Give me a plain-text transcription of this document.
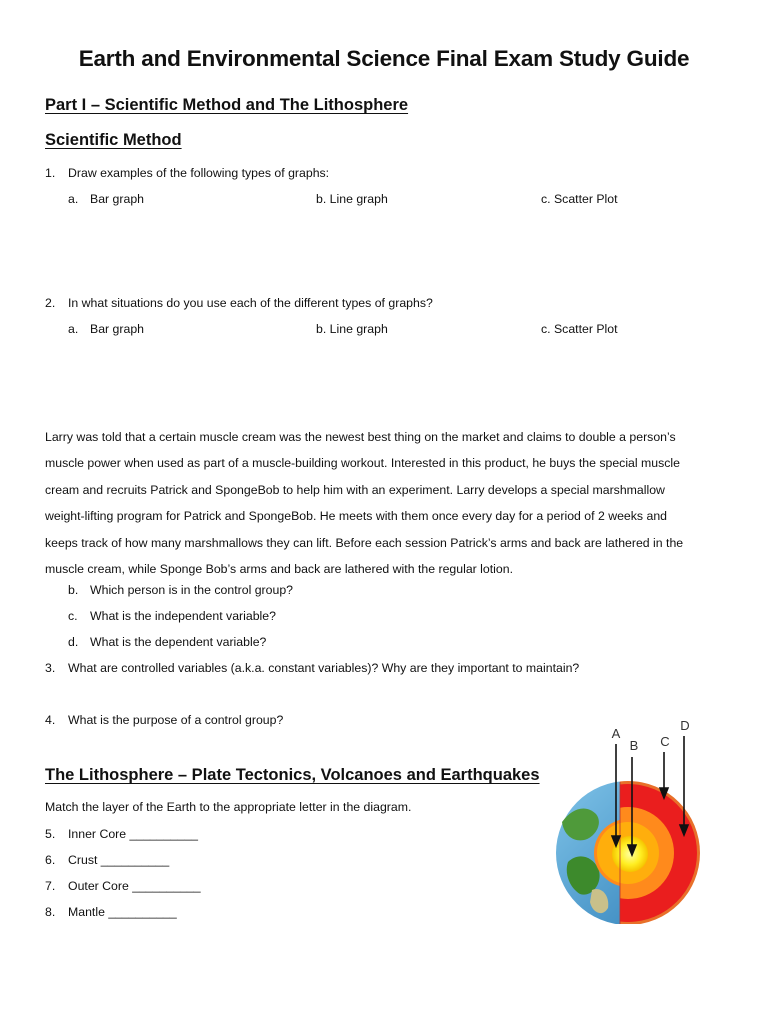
Earth and Environmental Science Final Exam Study Guide
Part I – Scientific Method and The Lithosphere
Scientific Method
1. Draw examples of the following types of graphs:
a. Bar graph	b. Line graph	c. Scatter Plot
2. In what situations do you use each of the different types of graphs?
a. Bar graph	b. Line graph	c. Scatter Plot
Larry was told that a certain muscle cream was the newest best thing on the market and claims to double a person’s
muscle power when used as part of a muscle-building workout. Interested in this product, he buys the special muscle
cream and recruits Patrick and SpongeBob to help him with an experiment. Larry develops a special marshmallow
weight-lifting program for Patrick and SpongeBob. He meets with them once every day for a period of 2 weeks and
keeps track of how many marshmallows they can lift. Before each session Patrick’s arms and back are lathered in the
muscle cream, while Sponge Bob’s arms and back are lathered with the regular lotion.
b. Which person is in the control group?
c. What is the independent variable?
d. What is the dependent variable?
3. What are controlled variables (a.k.a. constant variables)? Why are they important to maintain?
4. What is the purpose of a control group?
The Lithosphere – Plate Tectonics, Volcanoes and Earthquakes
Match the layer of the Earth to the appropriate letter in the diagram.
5. Inner Core __________
6. Crust __________
7. Outer Core __________
8. Mantle __________
A
B C
D
